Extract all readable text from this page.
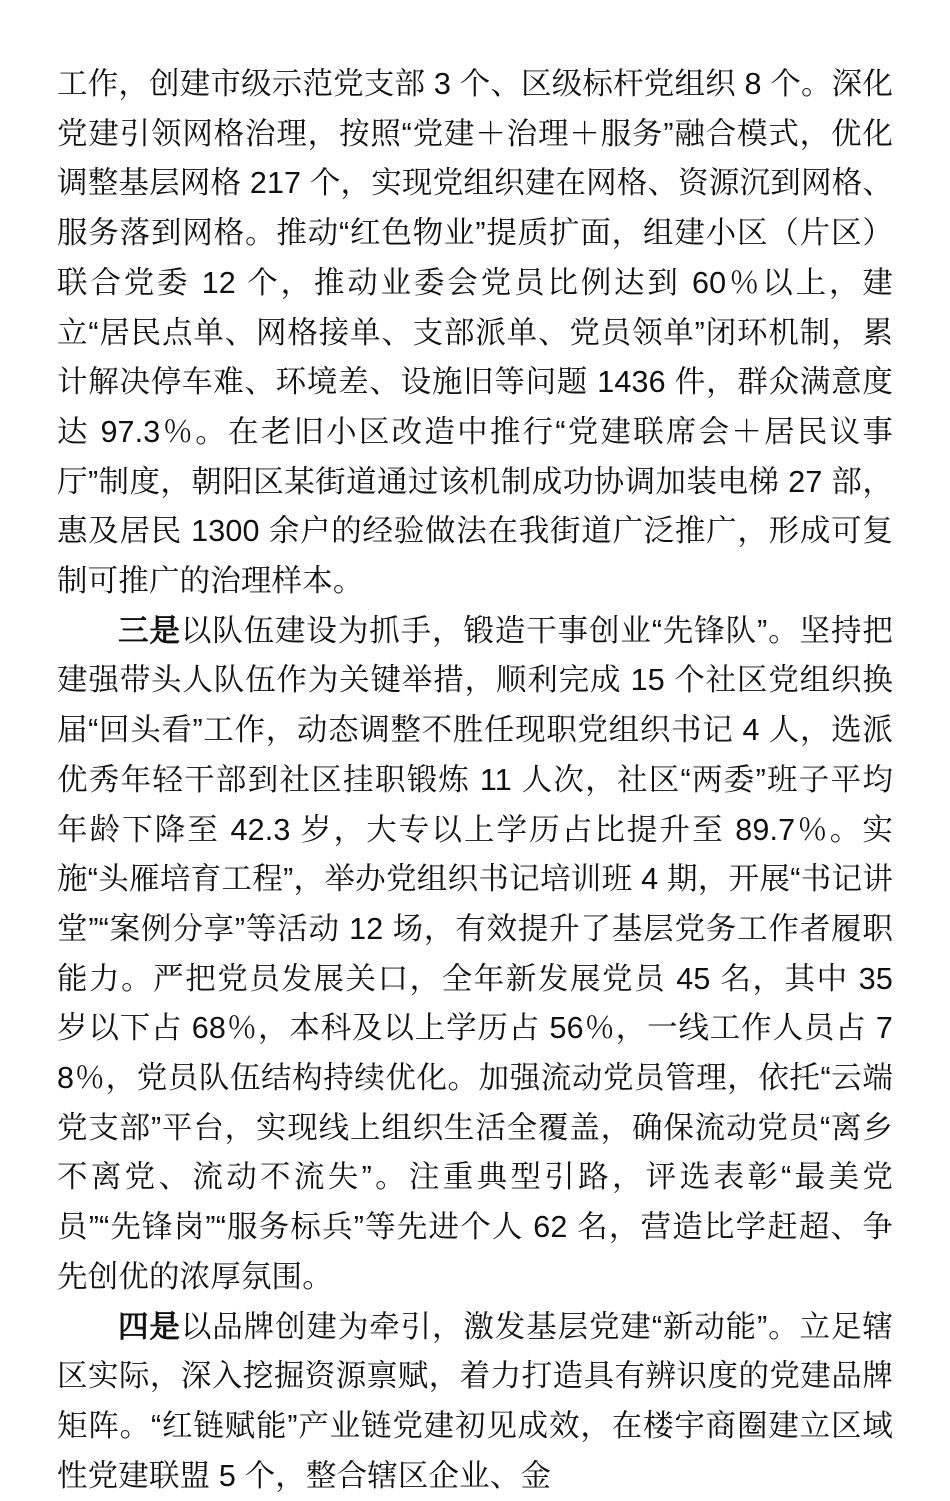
工作，创建市级示范党支部 3 个、区级标杆党组织 8 个。深化党建引领网格治理，按照“党建＋治理＋服务”融合模式，优化调整基层网格 217 个，实现党组织建在网格、资源沉到网格、服务落到网格。推动“红色物业”提质扩面，组建小区（片区）联合党委 12 个，推动业委会党员比例达到 60％以上，建立“居民点单、网格接单、支部派单、党员领单”闭环机制，累计解决停车难、环境差、设施旧等问题 1436 件，群众满意度达 97.3％。在老旧小区改造中推行“党建联席会＋居民议事厅”制度，朝阳区某街道通过该机制成功协调加装电梯 27 部，惠及居民 1300 余户的经验做法在我街道广泛推广，形成可复制可推广的治理样本。

三是以队伍建设为抓手，锻造干事创业“先锋队”。坚持把建强带头人队伍作为关键举措，顺利完成 15 个社区党组织换届“回头看”工作，动态调整不胜任现职党组织书记 4 人，选派优秀年轻干部到社区挂职锻炼 11 人次，社区“两委”班子平均年龄下降至 42.3 岁，大专以上学历占比提升至 89.7％。实施“头雁培育工程”，举办党组织书记培训班 4 期，开展“书记讲堂”“案例分享”等活动 12 场，有效提升了基层党务工作者履职能力。严把党员发展关口，全年新发展党员 45 名，其中 35 岁以下占 68％，本科及以上学历占 56％，一线工作人员占 78％，党员队伍结构持续优化。加强流动党员管理，依托“云端党支部”平台，实现线上组织生活全覆盖，确保流动党员“离乡不离党、流动不流失”。注重典型引路，评选表彰“最美党员”“先锋岗”“服务标兵”等先进个人 62 名，营造比学赶超、争先创优的浓厚氛围。

四是以品牌创建为牵引，激发基层党建“新动能”。立足辖区实际，深入挖掘资源禀赋，着力打造具有辨识度的党建品牌矩阵。“红链赋能”产业链党建初见成效，在楼宇商圈建立区域性党建联盟 5 个，整合辖区企业、金
